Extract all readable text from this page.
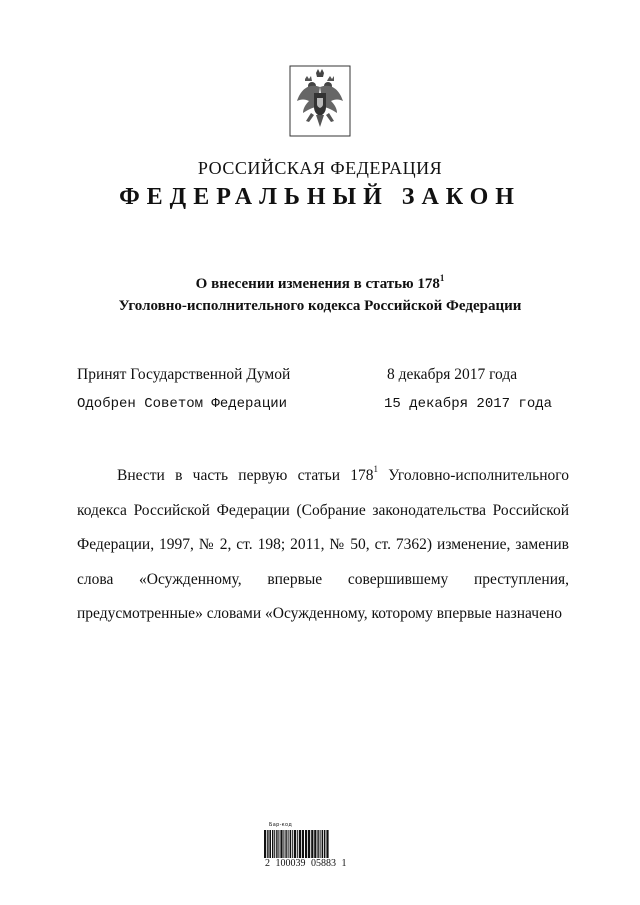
РОССИЙСКАЯ ФЕДЕРАЦИЯ
ФЕДЕРАЛЬНЫЙ ЗАКОН
О внесении изменения в статью $178^1$
Уголовно-исполнительного кодекса Российской Федерации
Принят Государственной Думой	8 декабря 2017 года
Одобрен Советом Федерации	15 декабря 2017 года

Внести в часть первую статьи $178^1$ Уголовно-исполнительного кодекса Российской Федерации (Собрание законодательства Российской Федерации, 1997, № 2, ст. 198; 2011, № 50, ст. 7362) изменение, заменив слова «Осужденному, впервые совершившему преступления, предусмотренные» словами «Осужденному, которому впервые назначено

Бар-код
2 100039 05883 1
